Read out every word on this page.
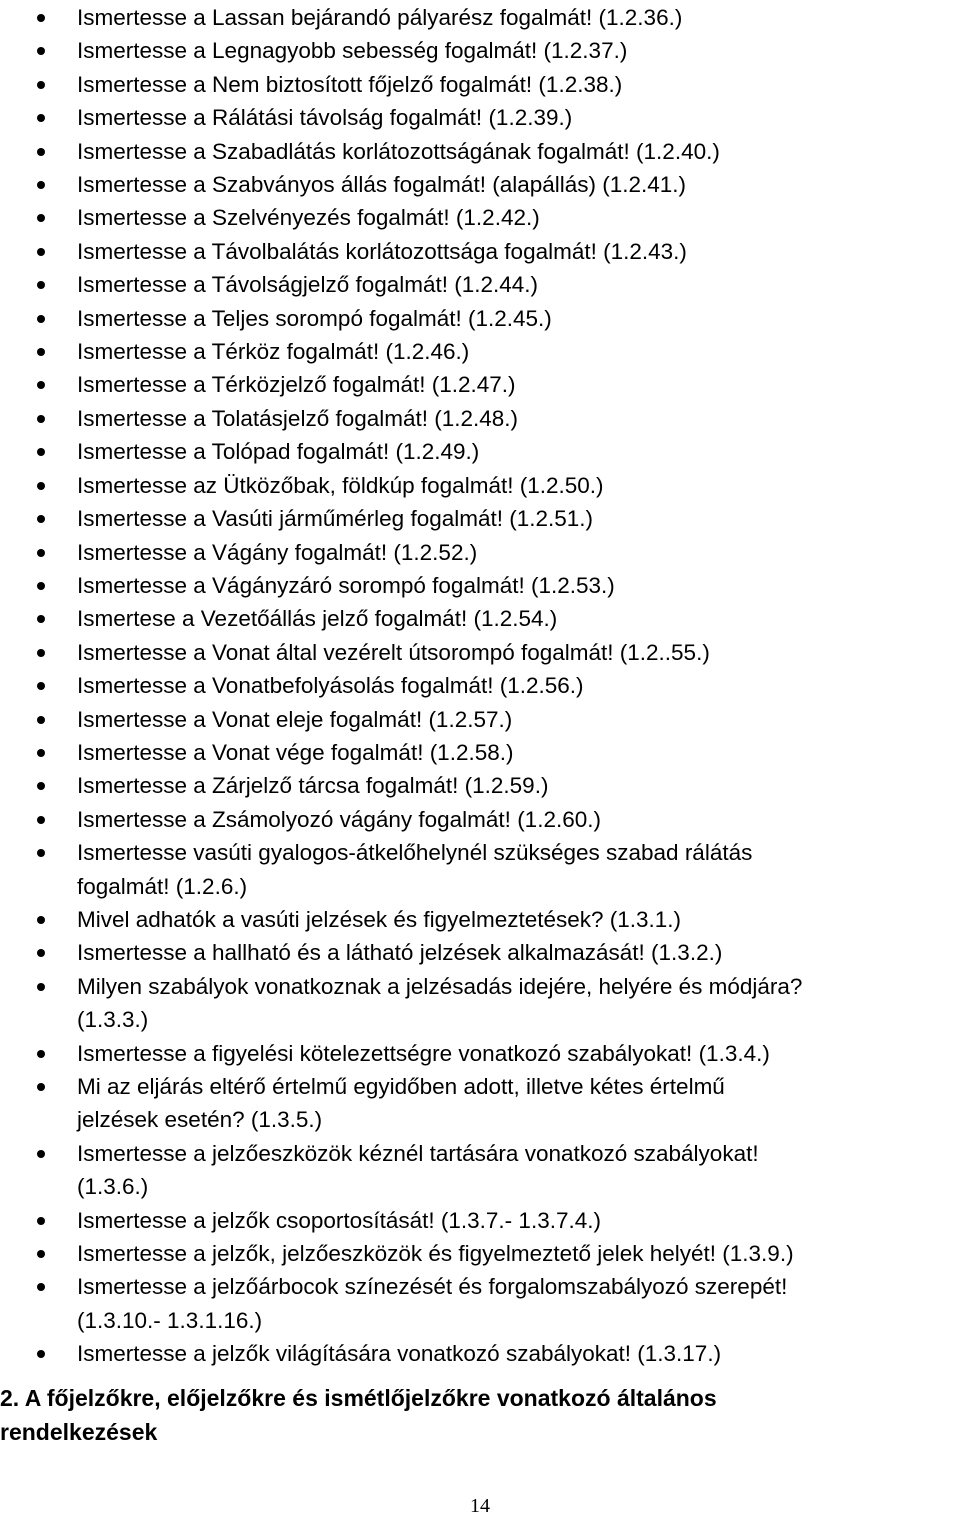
Ismertesse a Lassan bejárandó pályarész fogalmát! (1.2.36.)
Ismertesse a Legnagyobb sebesség fogalmát! (1.2.37.)
Ismertesse a Nem biztosított főjelző fogalmát! (1.2.38.)
Ismertesse a Rálátási távolság fogalmát! (1.2.39.)
Ismertesse a Szabadlátás korlátozottságának fogalmát! (1.2.40.)
Ismertesse a Szabványos állás fogalmát! (alapállás) (1.2.41.)
Ismertesse a Szelvényezés fogalmát! (1.2.42.)
Ismertesse a Távolbalátás korlátozottsága fogalmát! (1.2.43.)
Ismertesse a Távolságjelző fogalmát! (1.2.44.)
Ismertesse a Teljes sorompó fogalmát! (1.2.45.)
Ismertesse a Térköz fogalmát! (1.2.46.)
Ismertesse a Térközjelző fogalmát! (1.2.47.)
Ismertesse a Tolatásjelző fogalmát! (1.2.48.)
Ismertesse a Tolópad fogalmát! (1.2.49.)
Ismertesse az Ütközőbak, földkúp fogalmát! (1.2.50.)
Ismertesse a Vasúti járműmérleg fogalmát! (1.2.51.)
Ismertesse a Vágány fogalmát! (1.2.52.)
Ismertesse a Vágányzáró sorompó fogalmát! (1.2.53.)
Ismertese a Vezetőállás jelző fogalmát! (1.2.54.)
Ismertesse a Vonat által vezérelt útsorompó fogalmát! (1.2..55.)
Ismertesse a Vonatbefolyásolás fogalmát! (1.2.56.)
Ismertesse a Vonat eleje fogalmát! (1.2.57.)
Ismertesse a Vonat vége fogalmát! (1.2.58.)
Ismertesse a Zárjelző tárcsa fogalmát! (1.2.59.)
Ismertesse a Zsámolyozó vágány fogalmát! (1.2.60.)
Ismertesse vasúti gyalogos-átkelőhelynél szükséges szabad rálátás
fogalmát! (1.2.6.)
Mivel adhatók a vasúti jelzések és figyelmeztetések? (1.3.1.)
Ismertesse a hallható és a látható jelzések alkalmazását! (1.3.2.)
Milyen szabályok vonatkoznak a jelzésadás idejére, helyére és módjára?
(1.3.3.)
Ismertesse a figyelési kötelezettségre vonatkozó szabályokat! (1.3.4.)
Mi az eljárás eltérő értelmű egyidőben adott, illetve kétes értelmű
jelzések esetén? (1.3.5.)
Ismertesse a jelzőeszközök kéznél tartására vonatkozó szabályokat!
(1.3.6.)
Ismertesse a jelzők csoportosítását! (1.3.7.- 1.3.7.4.)
Ismertesse a jelzők, jelzőeszközök és figyelmeztető jelek helyét! (1.3.9.)
Ismertesse a jelzőárbocok színezését és forgalomszabályozó szerepét!
(1.3.10.- 1.3.1.16.)
Ismertesse a jelzők világítására vonatkozó szabályokat! (1.3.17.)
2. A főjelzőkre, előjelzőkre és ismétlőjelzőkre vonatkozó általános
rendelkezések
14
